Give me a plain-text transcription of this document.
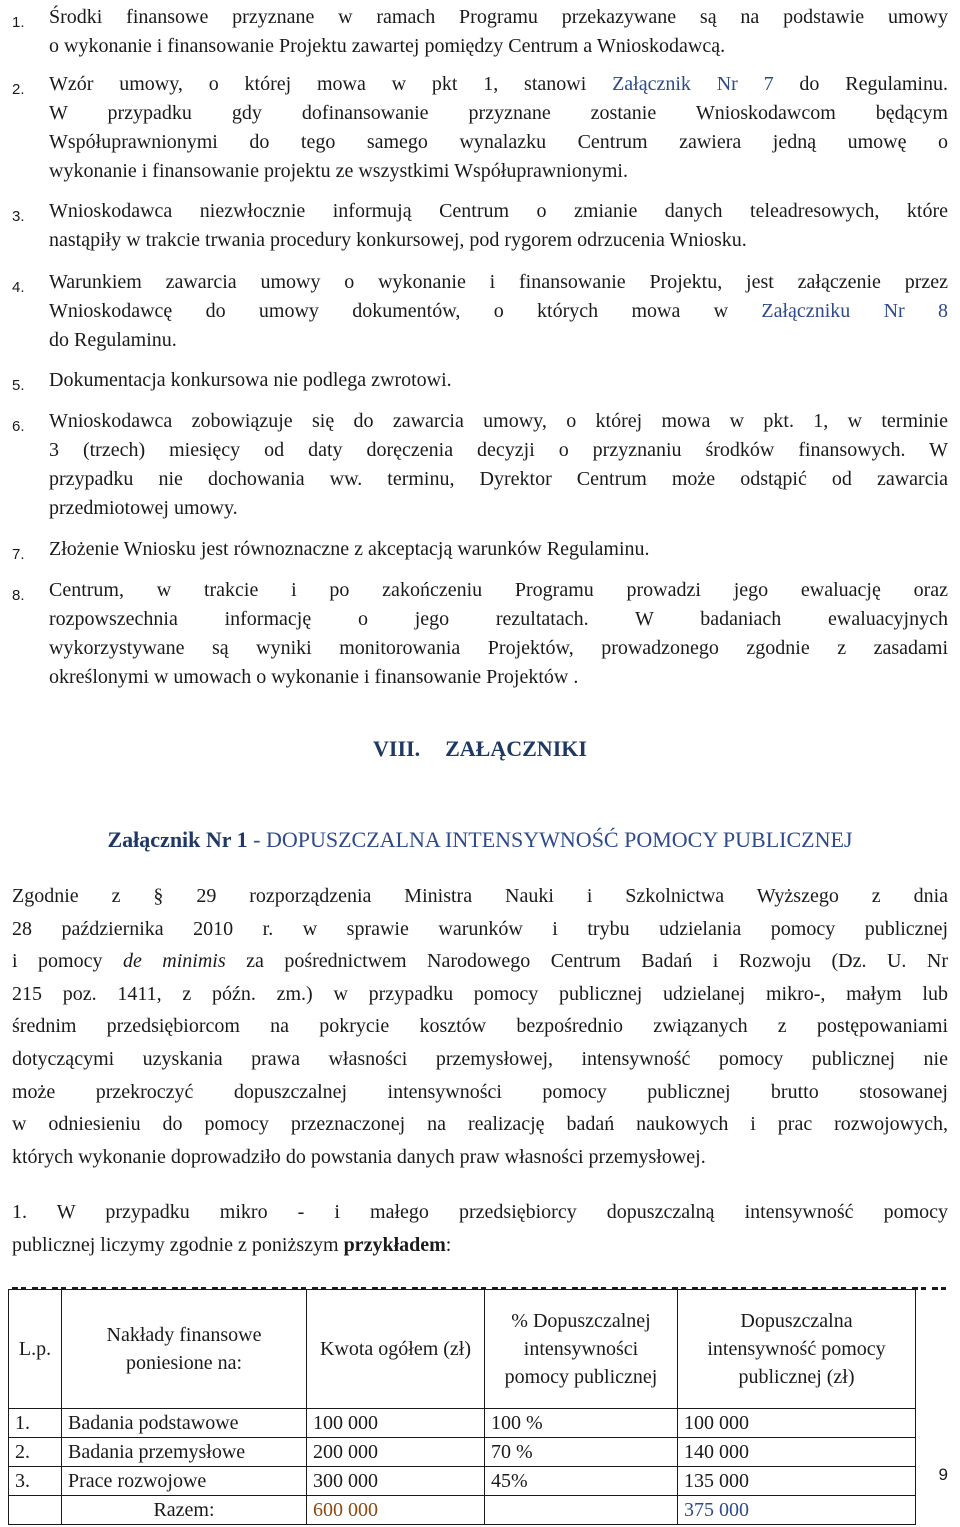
1. Środki finansowe przyznane w ramach Programu przekazywane są na podstawie umowy
o wykonanie i finansowanie Projektu zawartej pomiędzy Centrum a Wnioskodawcą.
2. Wzór umowy, o której mowa w pkt 1, stanowi Załącznik Nr 7 do Regulaminu.
W przypadku gdy dofinansowanie przyznane zostanie Wnioskodawcom będącym
Współuprawnionymi do tego samego wynalazku Centrum zawiera jedną umowę o
wykonanie i finansowanie projektu ze wszystkimi Współuprawnionymi.
3. Wnioskodawca niezwłocznie informują Centrum o zmianie danych teleadresowych, które
nastąpiły w trakcie trwania procedury konkursowej, pod rygorem odrzucenia Wniosku.
4. Warunkiem zawarcia umowy o wykonanie i finansowanie Projektu, jest załączenie przez
Wnioskodawcę do umowy dokumentów, o których mowa w Załączniku Nr 8
do Regulaminu.
5. Dokumentacja konkursowa nie podlega zwrotowi.
6. Wnioskodawca zobowiązuje się do zawarcia umowy, o której mowa w pkt. 1, w terminie
3 (trzech) miesięcy od daty doręczenia decyzji o przyznaniu środków finansowych. W
przypadku nie dochowania ww. terminu, Dyrektor Centrum może odstąpić od zawarcia
przedmiotowej umowy.
7. Złożenie Wniosku jest równoznaczne z akceptacją warunków Regulaminu.
8. Centrum, w trakcie i po zakończeniu Programu prowadzi jego ewaluację oraz
rozpowszechnia informację o jego rezultatach. W badaniach ewaluacyjnych
wykorzystywane są wyniki monitorowania Projektów, prowadzonego zgodnie z zasadami
określonymi w umowach o wykonanie i finansowanie Projektów .
VIII. ZAŁĄCZNIKI
Załącznik Nr 1 - DOPUSZCZALNA INTENSYWNOŚĆ POMOCY PUBLICZNEJ
Zgodnie z § 29 rozporządzenia Ministra Nauki i Szkolnictwa Wyższego z dnia
28 października 2010 r. w sprawie warunków i trybu udzielania pomocy publicznej
i pomocy de minimis za pośrednictwem Narodowego Centrum Badań i Rozwoju (Dz. U. Nr
215 poz. 1411, z późn. zm.) w przypadku pomocy publicznej udzielanej mikro-, małym lub
średnim przedsiębiorcom na pokrycie kosztów bezpośrednio związanych z postępowaniami
dotyczącymi uzyskania prawa własności przemysłowej, intensywność pomocy publicznej nie
może przekroczyć dopuszczalnej intensywności pomocy publicznej brutto stosowanej
w odniesieniu do pomocy przeznaczonej na realizację badań naukowych i prac rozwojowych,
których wykonanie doprowadziło do powstania danych praw własności przemysłowej.
1. W przypadku mikro - i małego przedsiębiorcy dopuszczalną intensywność pomocy
publicznej liczymy zgodnie z poniższym przykładem:
L.p.	Nakłady finansowe poniesione na:	Kwota ogółem (zł)	% Dopuszczalnej intensywności pomocy publicznej	Dopuszczalna intensywność pomocy publicznej (zł)
1.	Badania podstawowe	100 000	100 %	100 000
2.	Badania przemysłowe	200 000	70 %	140 000
3.	Prace rozwojowe	300 000	45%	135 000
	Razem:	600 000		375 000
9
